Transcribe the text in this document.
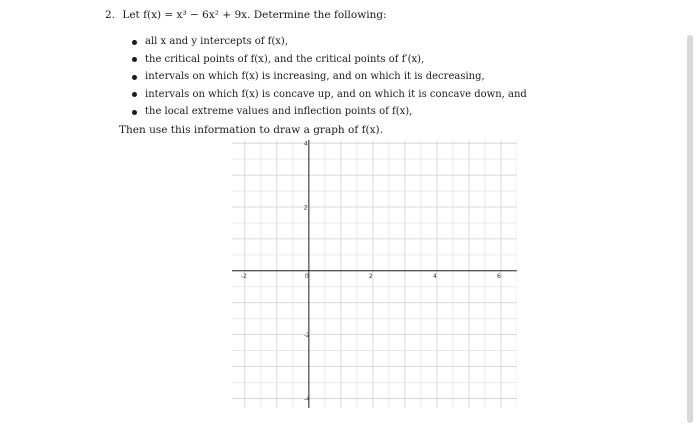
2. Let f(x) = x³ − 6x² + 9x. Determine the following:
all x and y intercepts of f(x),
the critical points of f(x), and the critical points of f′(x),
intervals on which f(x) is increasing, and on which it is decreasing,
intervals on which f(x) is concave up, and on which it is concave down, and
the local extreme values and inflection points of f(x),
Then use this information to draw a graph of f(x).
-2	0	2	4	6
4
2
-2
-4
